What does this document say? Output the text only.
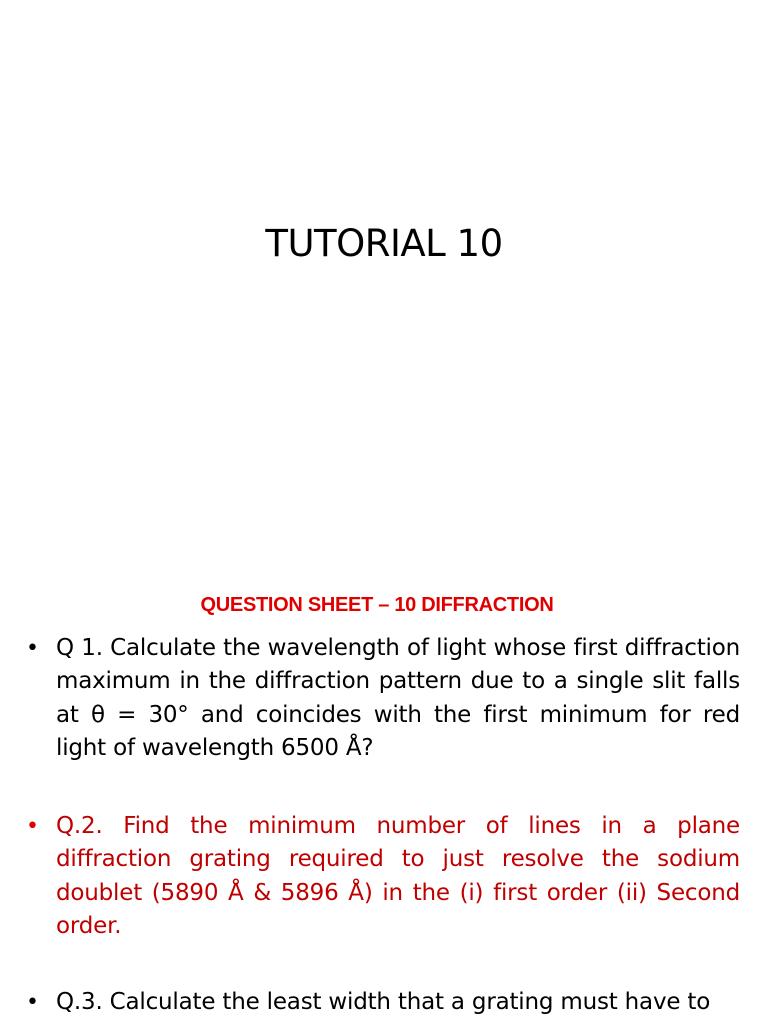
TUTORIAL 10
QUESTION SHEET – 10 DIFFRACTION
• Q 1. Calculate the wavelength of light whose first diffraction maximum in the diffraction pattern due to a single slit falls at θ = 30° and coincides with the first minimum for red light of wavelength 6500 Å?
• Q.2. Find the minimum number of lines in a plane diffraction grating required to just resolve the sodium doublet (5890 Å & 5896 Å) in the (i) first order (ii) Second order.
• Q.3. Calculate the least width that a grating must have to
